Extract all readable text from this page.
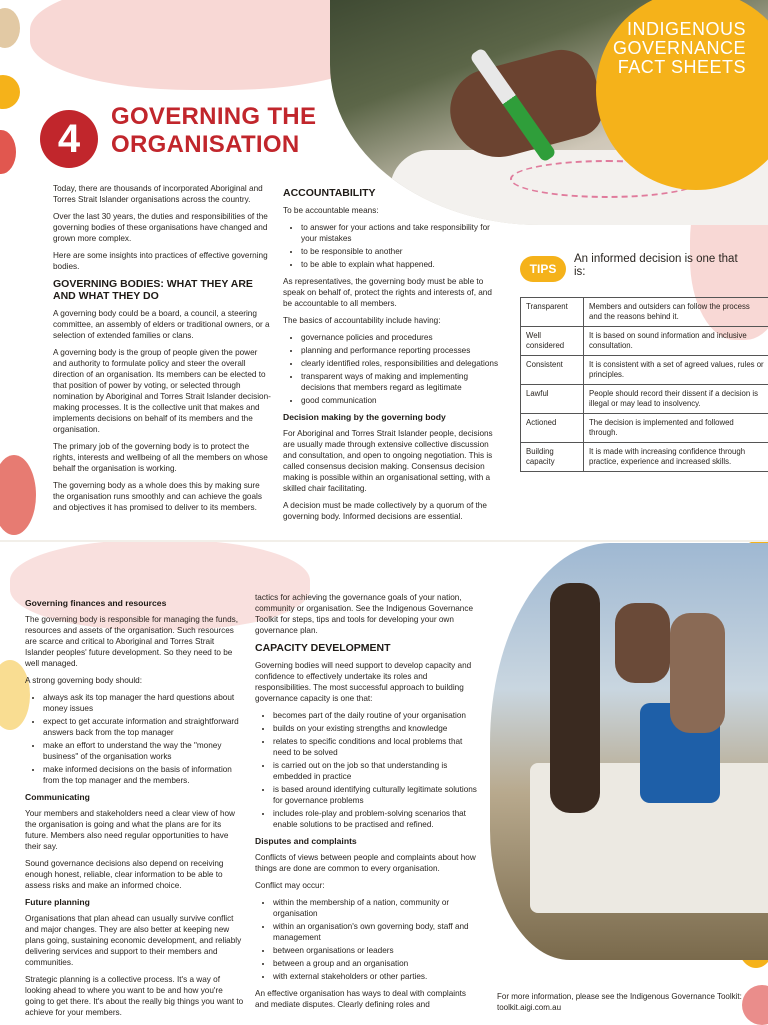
INDIGENOUS
GOVERNANCE
FACT SHEETS
4
GOVERNING THE
ORGANISATION

Today, there are thousands of incorporated Aboriginal and Torres Strait Islander organisations across the country.

Over the last 30 years, the duties and responsibilities of the governing bodies of these organisations have changed and grown more complex.

Here are some insights into practices of effective governing bodies.

GOVERNING BODIES: WHAT THEY ARE AND WHAT THEY DO

A governing body could be a board, a council, a steering committee, an assembly of elders or traditional owners, or a selection of extended families or clans.

A governing body is the group of people given the power and authority to formulate policy and steer the overall direction of an organisation. Its members can be elected to that position of power by voting, or selected through nomination by Aboriginal and Torres Strait Islander decision-making processes. It is the collective unit that makes and implements decisions on behalf of its members and the organisation.

The primary job of the governing body is to protect the rights, interests and wellbeing of all the members on whose behalf the organisation is working.

The governing body as a whole does this by making sure the organisation runs smoothly and can achieve the goals and objectives it has promised to deliver to its members.

ACCOUNTABILITY

To be accountable means:

• to answer for your actions and take responsibility for your mistakes
• to be responsible to another
• to be able to explain what happened.

As representatives, the governing body must be able to speak on behalf of, protect the rights and interests of, and be accountable to all members.

The basics of accountability include having:

• governance policies and procedures
• planning and performance reporting processes
• clearly identified roles, responsibilities and delegations
• transparent ways of making and implementing decisions that members regard as legitimate
• good communication
Decision making by the governing body

For Aboriginal and Torres Strait Islander people, decisions are usually made through extensive collective discussion and consultation, and open to ongoing negotiation. This is called consensus decision making. Consensus decision making is possible within an organisational setting, with a skilled chair facilitating.

A decision must be made collectively by a quorum of the governing body. Informed decisions are essential.

TIPS
An informed decision is one that is:
Transparent	Members and outsiders can follow the process and the reasons behind it.
Well considered	It is based on sound information and inclusive consultation.
Consistent	It is consistent with a set of agreed values, rules or principles.
Lawful	People should record their dissent if a decision is illegal or may lead to insolvency.
Actioned	The decision is implemented and followed through.
Building capacity	It is made with increasing confidence through practice, experience and increased skills.
Governing finances and resources

The governing body is responsible for managing the funds, resources and assets of the organisation. Such resources are scarce and critical to Aboriginal and Torres Strait Islander peoples' future development. So they need to be well managed.

A strong governing body should:

• always ask its top manager the hard questions about money issues
• expect to get accurate information and straightforward answers back from the top manager
• make an effort to understand the way the "money business" of the organisation works
• make informed decisions on the basis of information from the top manager and the members.
Communicating

Your members and stakeholders need a clear view of how the organisation is going and what the plans are for its future. Members also need regular opportunities to have their say.

Sound governance decisions also depend on receiving enough honest, reliable, clear information to be able to assess risks and make an informed choice.

Future planning

Organisations that plan ahead can usually survive conflict and major changes. They are also better at keeping new plans going, sustaining economic development, and reliably delivering services and support to their members and communities.

Strategic planning is a collective process. It's a way of looking ahead to where you want to be and how you're going to get there. It's about the really big things you want to achieve for your members.

tactics for achieving the governance goals of your nation, community or organisation. See the Indigenous Governance Toolkit for steps, tips and tools for developing your own governance plan.

CAPACITY DEVELOPMENT

Governing bodies will need support to develop capacity and confidence to effectively undertake its roles and responsibilities. The most successful approach to building governance capacity is one that:

• becomes part of the daily routine of your organisation
• builds on your existing strengths and knowledge
• relates to specific conditions and local problems that need to be solved
• is carried out on the job so that understanding is embedded in practice
• is based around identifying culturally legitimate solutions for governance problems
• includes role-play and problem-solving scenarios that enable solutions to be practised and refined.
Disputes and complaints

Conflicts of views between people and complaints about how things are done are common to every organisation.

Conflict may occur:

• within the membership of a nation, community or organisation
• within an organisation's own governing body, staff and management
• between organisations or leaders
• between a group and an organisation
• with external stakeholders or other parties.

An effective organisation has ways to deal with complaints and mediate disputes. Clearly defining roles and

For more information, please see the Indigenous Governance Toolkit: toolkit.aigi.com.au
